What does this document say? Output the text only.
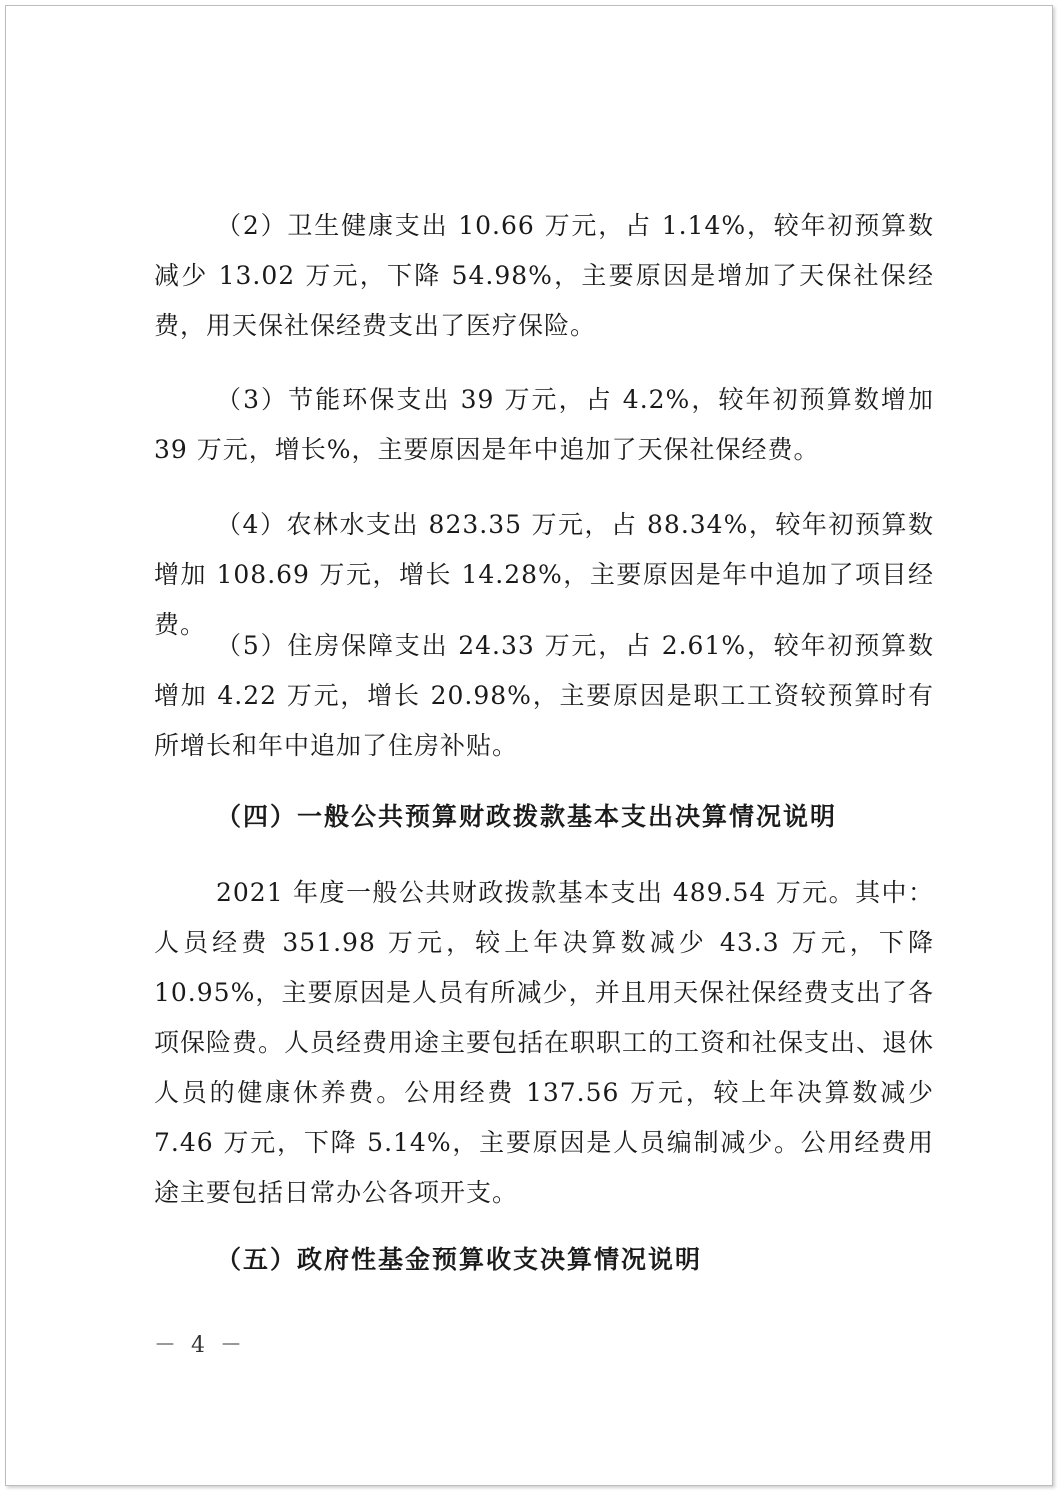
（2）卫生健康支出 10.66 万元，占 1.14%，较年初预算数减少 13.02 万元，下降 54.98%，主要原因是增加了天保社保经费，用天保社保经费支出了医疗保险。

（3）节能环保支出 39 万元，占 4.2%，较年初预算数增加 39 万元，增长%，主要原因是年中追加了天保社保经费。

（4）农林水支出 823.35 万元，占 88.34%，较年初预算数增加 108.69 万元，增长 14.28%，主要原因是年中追加了项目经费。

（5）住房保障支出 24.33 万元，占 2.61%，较年初预算数增加 4.22 万元，增长 20.98%，主要原因是职工工资较预算时有所增长和年中追加了住房补贴。

（四）一般公共预算财政拨款基本支出决算情况说明

2021 年度一般公共财政拨款基本支出 489.54 万元。其中：人员经费 351.98 万元，较上年决算数减少 43.3 万元，下降 10.95%，主要原因是人员有所减少，并且用天保社保经费支出了各项保险费。人员经费用途主要包括在职职工的工资和社保支出、退休人员的健康休养费。公用经费 137.56 万元，较上年决算数减少 7.46 万元，下降 5.14%，主要原因是人员编制减少。公用经费用途主要包括日常办公各项开支。

（五）政府性基金预算收支决算情况说明

－ 4 －
